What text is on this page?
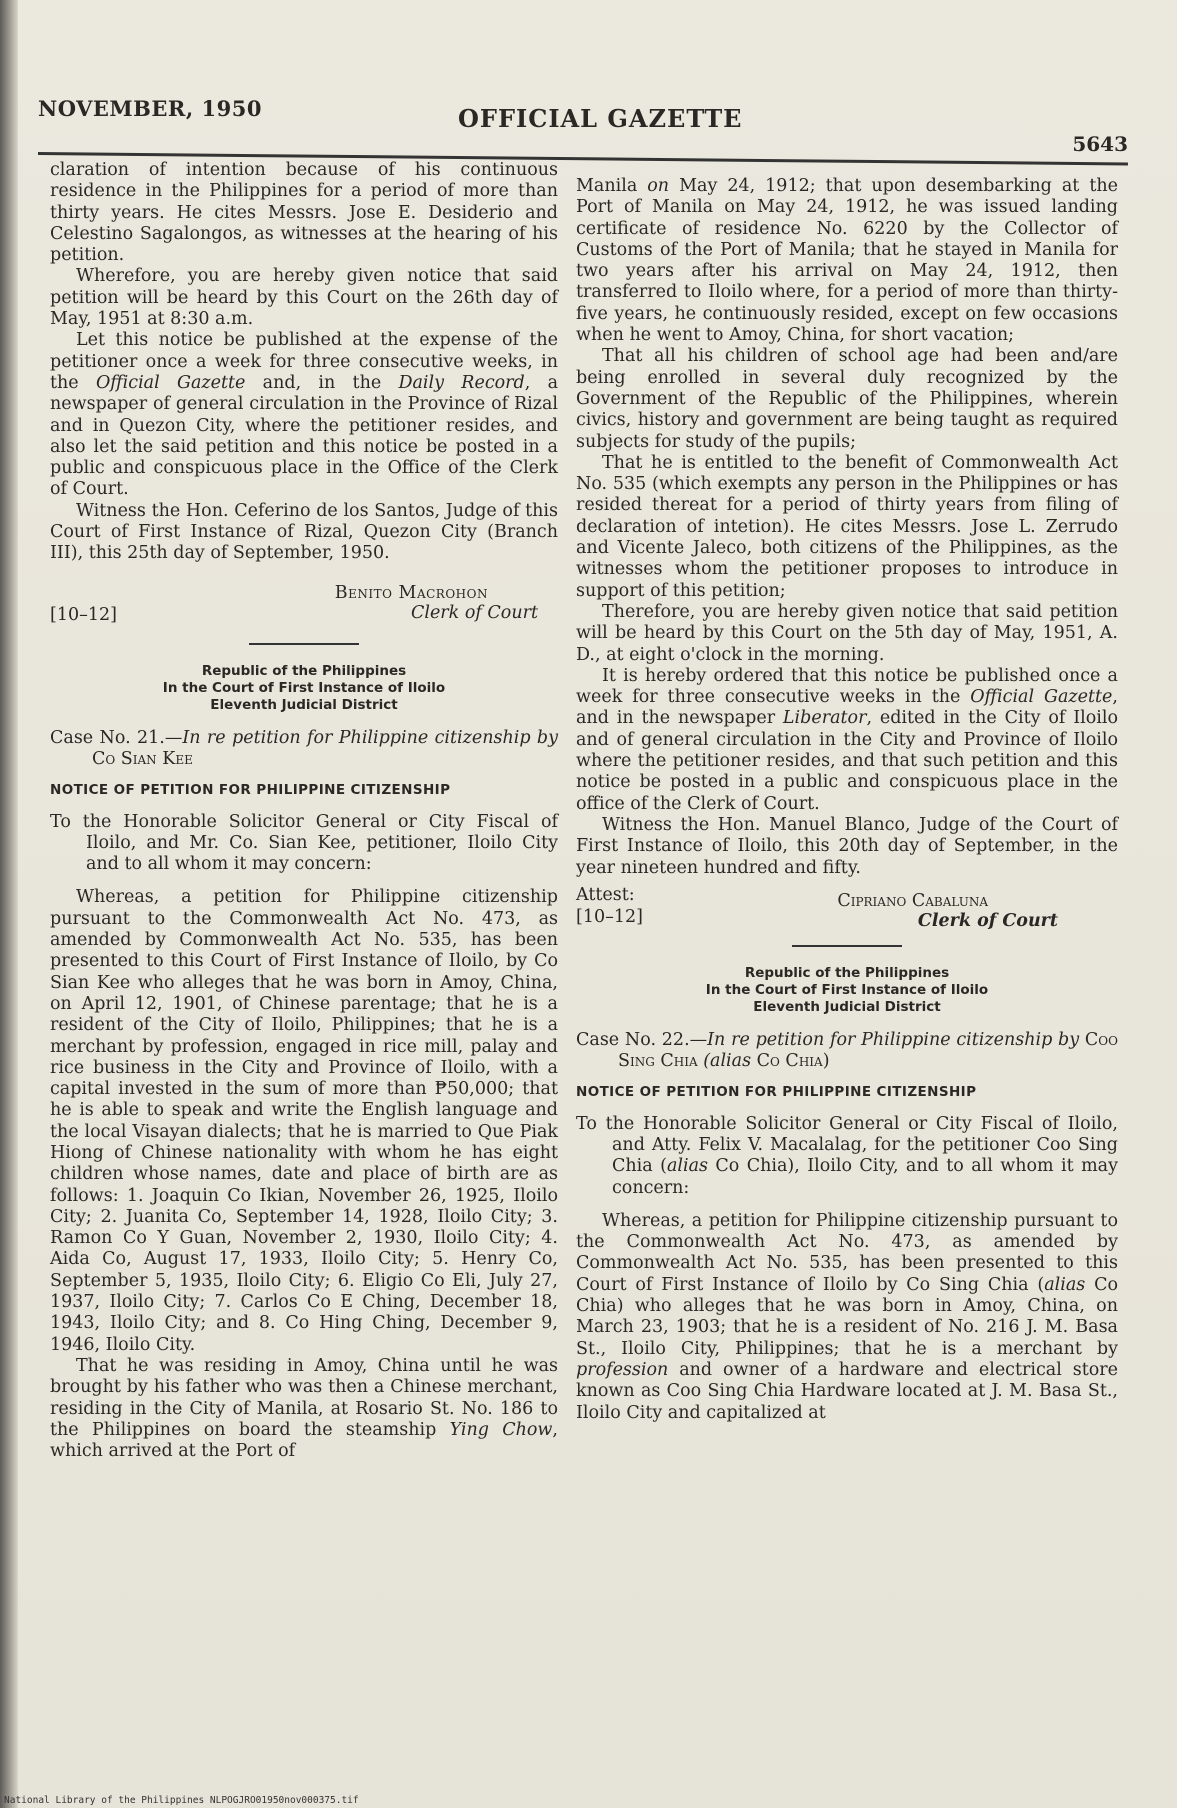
NOVEMBER, 1950	OFFICIAL GAZETTE
5643

claration of intention because of his continuous residence in the Philippines for a period of more than thirty years. He cites Messrs. Jose E. Desiderio and Celestino Sagalongos, as witnesses at the hearing of his petition.

Wherefore, you are hereby given notice that said petition will be heard by this Court on the 26th day of May, 1951 at 8:30 a.m.

Let this notice be published at the expense of the petitioner once a week for three consecutive weeks, in the Official Gazette and, in the Daily Record, a newspaper of general circulation in the Province of Rizal and in Quezon City, where the petitioner resides, and also let the said petition and this notice be posted in a public and conspicuous place in the Office of the Clerk of Court.

Witness the Hon. Ceferino de los Santos, Judge of this Court of First Instance of Rizal, Quezon City (Branch III), this 25th day of September, 1950.

[10–12]
Benito Macrohon
Clerk of Court
Republic of the Philippines
In the Court of First Instance of Iloilo
Eleventh Judicial District

Case No. 21.—In re petition for Philippine citizenship by Co Sian Kee

NOTICE OF PETITION FOR PHILIPPINE CITIZENSHIP

To the Honorable Solicitor General or City Fiscal of Iloilo, and Mr. Co. Sian Kee, petitioner, Iloilo City and to all whom it may concern:

Whereas, a petition for Philippine citizenship pursuant to the Commonwealth Act No. 473, as amended by Commonwealth Act No. 535, has been presented to this Court of First Instance of Iloilo, by Co Sian Kee who alleges that he was born in Amoy, China, on April 12, 1901, of Chinese parentage; that he is a resident of the City of Iloilo, Philippines; that he is a merchant by profession, engaged in rice mill, palay and rice business in the City and Province of Iloilo, with a capital invested in the sum of more than ₱50,000; that he is able to speak and write the English language and the local Visayan dialects; that he is married to Que Piak Hiong of Chinese nationality with whom he has eight children whose names, date and place of birth are as follows: 1. Joaquin Co Ikian, November 26, 1925, Iloilo City; 2. Juanita Co, September 14, 1928, Iloilo City; 3. Ramon Co Y Guan, November 2, 1930, Iloilo City; 4. Aida Co, August 17, 1933, Iloilo City; 5. Henry Co, September 5, 1935, Iloilo City; 6. Eligio Co Eli, July 27, 1937, Iloilo City; 7. Carlos Co E Ching, December 18, 1943, Iloilo City; and 8. Co Hing Ching, December 9, 1946, Iloilo City.

That he was residing in Amoy, China until he was brought by his father who was then a Chinese merchant, residing in the City of Manila, at Rosario St. No. 186 to the Philippines on board the steamship Ying Chow, which arrived at the Port of

Manila on May 24, 1912; that upon desembarking at the Port of Manila on May 24, 1912, he was issued landing certificate of residence No. 6220 by the Collector of Customs of the Port of Manila; that he stayed in Manila for two years after his arrival on May 24, 1912, then transferred to Iloilo where, for a period of more than thirty-five years, he continuously resided, except on few occasions when he went to Amoy, China, for short vacation;

That all his children of school age had been and/are being enrolled in several duly recognized by the Government of the Republic of the Philippines, wherein civics, history and government are being taught as required subjects for study of the pupils;

That he is entitled to the benefit of Commonwealth Act No. 535 (which exempts any person in the Philippines or has resided thereat for a period of thirty years from filing of declaration of intetion). He cites Messrs. Jose L. Zerrudo and Vicente Jaleco, both citizens of the Philippines, as the witnesses whom the petitioner proposes to introduce in support of this petition;

Therefore, you are hereby given notice that said petition will be heard by this Court on the 5th day of May, 1951, A. D., at eight o'clock in the morning.

It is hereby ordered that this notice be published once a week for three consecutive weeks in the Official Gazette, and in the newspaper Liberator, edited in the City of Iloilo and of general circulation in the City and Province of Iloilo where the petitioner resides, and that such petition and this notice be posted in a public and conspicuous place in the office of the Clerk of Court.

Witness the Hon. Manuel Blanco, Judge of the Court of First Instance of Iloilo, this 20th day of September, in the year nineteen hundred and fifty.

Attest:
[10–12]
Cipriano Cabaluna
Clerk of Court
Republic of the Philippines
In the Court of First Instance of Iloilo
Eleventh Judicial District

Case No. 22.—In re petition for Philippine citizenship by Coo Sing Chia (alias Co Chia)

NOTICE OF PETITION FOR PHILIPPINE CITIZENSHIP

To the Honorable Solicitor General or City Fiscal of Iloilo, and Atty. Felix V. Macalalag, for the petitioner Coo Sing Chia (alias Co Chia), Iloilo City, and to all whom it may concern:

Whereas, a petition for Philippine citizenship pursuant to the Commonwealth Act No. 473, as amended by Commonwealth Act No. 535, has been presented to this Court of First Instance of Iloilo by Co Sing Chia (alias Co Chia) who alleges that he was born in Amoy, China, on March 23, 1903; that he is a resident of No. 216 J. M. Basa St., Iloilo City, Philippines; that he is a merchant by profession and owner of a hardware and electrical store known as Coo Sing Chia Hardware located at J. M. Basa St., Iloilo City and capitalized at

National Library of the Philippines NLPOGJRO01950nov000375.tif
